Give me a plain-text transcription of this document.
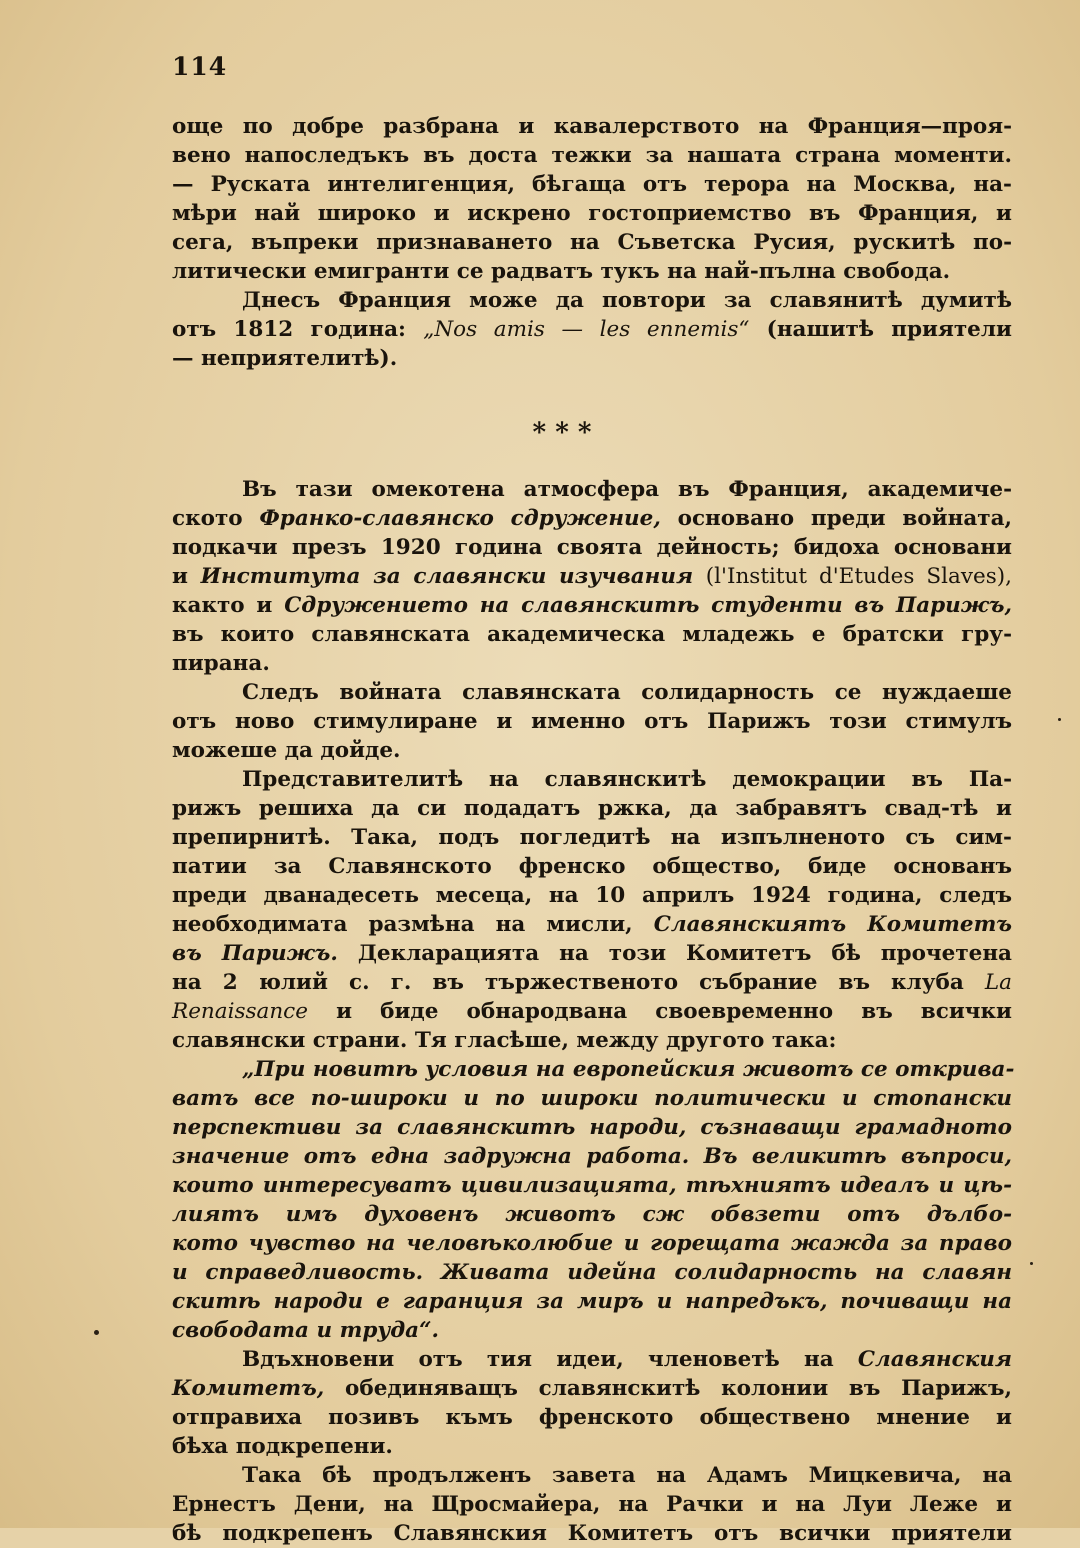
114
още по добре разбрана и кавалерството на Франция—проя-
вено напоследъкъ въ доста тежки за нашата страна моменти.
— Руската интелигенция, бѣгаща отъ терора на Москва, на-
мѣри най широко и искрено гостоприемство въ Франция, и
сега, въпреки признаването на Съветска Русия, рускитѣ по-
литически емигранти се радватъ тукъ на най-пълна свобода.
Днесъ Франция може да повтори за славянитѣ думитѣ
отъ 1812 година: „Nos amis — les ennemis“ (нашитѣ приятели
— неприятелитѣ).
* * *
Въ тази омекотена атмосфера въ Франция, академиче-
ското Франко-славянско сдружение, основано преди войната,
подкачи презъ 1920 година своята дейность; бидоха основани
и Института за славянски изучвания (l'Institut d'Etudes Slaves),
както и Сдружението на славянскитѣ студенти въ Парижъ,
въ които славянската академическа младежь е братски гру-
пирана.
Следъ войната славянската солидарность се нуждаеше
отъ ново стимулиране и именно отъ Парижъ този стимулъ
можеше да дойде.
Представителитѣ на славянскитѣ демокрации въ Па-
рижъ решиха да си подадатъ ржка, да забравятъ свад-тѣ и
препирнитѣ. Така, подъ погледитѣ на изпълненото съ сим-
патии за Славянското френско общество, биде основанъ
преди дванадесеть месеца, на 10 априлъ 1924 година, следъ
необходимата размѣна на мисли, Славянскиятъ Комитетъ
въ Парижъ. Декларацията на този Комитетъ бѣ прочетена
на 2 юлий с. г. въ тържественото събрание въ клуба La
Renaissance и биде обнародвана своевременно въ всички
славянски страни. Тя гласѣше, между другото така:
„При новитѣ условия на европейския животъ се открива-
ватъ все по-широки и по широки политически и стопански
перспективи за славянскитѣ народи, съзнаващи грамадното
значение отъ една задружна работа. Въ великитѣ въпроси,
които интересуватъ цивилизацията, тѣхниятъ идеалъ и цѣ-
лиятъ имъ духовенъ животъ сж обвзети отъ дълбо-
кото чувство на человѣколюбие и горещата жажда за право
и справедливость. Живата идейна солидарность на славян
скитѣ народи е гаранция за миръ и напредъкъ, почиващи на
свободата и труда“.
Вдъхновени отъ тия идеи, членоветѣ на Славянския
Комитетъ, обединяващъ славянскитѣ колонии въ Парижъ,
отправиха позивъ къмъ френското обществено мнение и
бѣха подкрепени.
Така бѣ продълженъ завета на Адамъ Мицкевича, на
Ернестъ Дени, на Щросмайера, на Рачки и на Луи Леже и
бѣ подкрепенъ Славянския Комитетъ отъ всички приятели
